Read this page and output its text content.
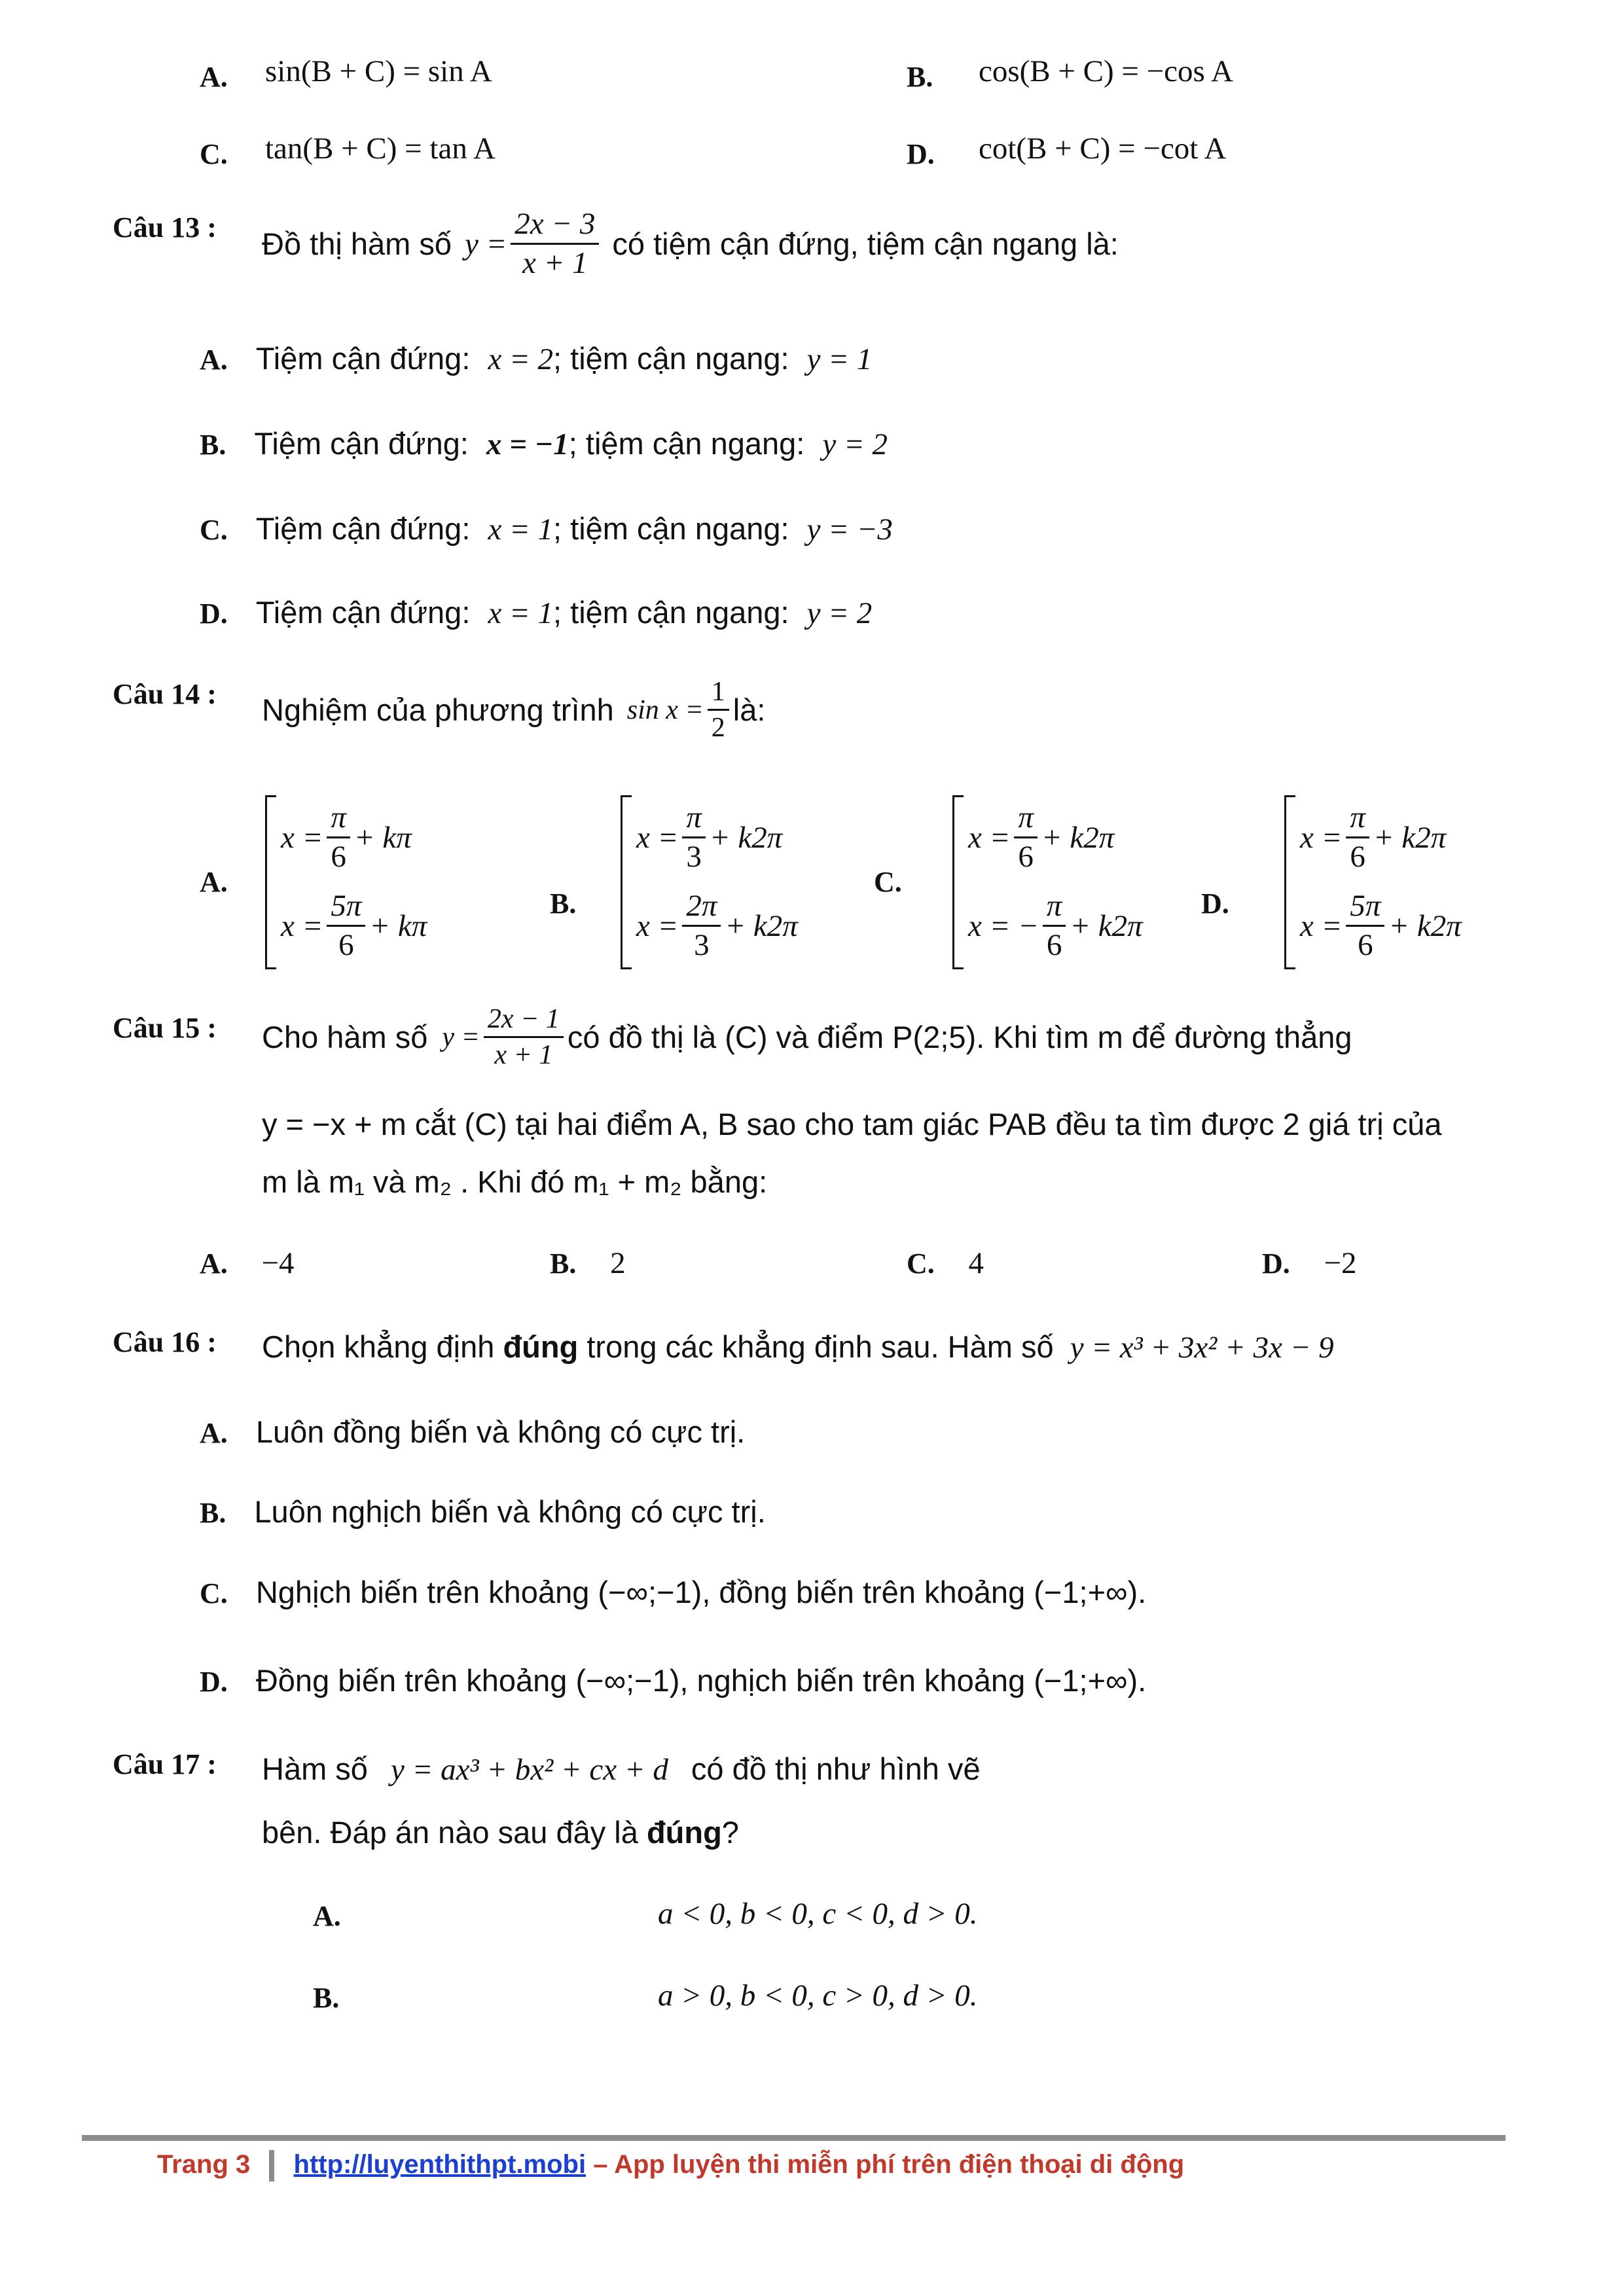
A. sin(B + C) = sin A	B. cos(B + C) = −cos A
C. tan(B + C) = tan A	D. cot(B + C) = −cot A
Câu 13 : Đồ thị hàm số $y = \frac{2x - 3}{x + 1}$ có tiệm cận đứng, tiệm cận ngang là:
A. Tiệm cận đứng: x = 2; tiệm cận ngang: y = 1
B. Tiệm cận đứng: x = −1; tiệm cận ngang: y = 2
C. Tiệm cận đứng: x = 1; tiệm cận ngang: y = −3
D. Tiệm cận đứng: x = 1; tiệm cận ngang: y = 2
Câu 14 : Nghiệm của phương trình $\sin x = \frac{1}{2}$ là:
A.
$x = \frac{\pi}{6} + k\pi$
$x = \frac{5\pi}{6} + k\pi$
B.
$x = \frac{\pi}{3} + k2\pi$
$x = \frac{2\pi}{3} + k2\pi$
C.
$x = \frac{\pi}{6} + k2\pi$
x = − $\frac{\pi}{6} + k2\pi$
D.
$x = \frac{\pi}{6} + k2\pi$
$x = \frac{5\pi}{6} + k2\pi$
Câu 15 : Cho hàm số $y = \frac{2x - 1}{x + 1}$ có đồ thị là (C) và điểm P(2;5). Khi tìm m để đường thẳng
y = −x + m cắt (C) tại hai điểm A, B sao cho tam giác PAB đều ta tìm được 2 giá trị của
m là m₁ và m₂ . Khi đó m₁ + m₂ bằng:
A. −4	B. 2	C. 4	D. −2
Câu 16 : Chọn khẳng định đúng trong các khẳng định sau. Hàm số y = x³ + 3x² + 3x − 9
A. Luôn đồng biến và không có cực trị.
B. Luôn nghịch biến và không có cực trị.
C. Nghịch biến trên khoảng (−∞;−1), đồng biến trên khoảng (−1;+∞).
D. Đồng biến trên khoảng (−∞;−1), nghịch biến trên khoảng (−1;+∞).
Câu 17 : Hàm số y = ax³ + bx² + cx + d có đồ thị như hình vẽ
bên. Đáp án nào sau đây là đúng?
A.	a < 0, b < 0, c < 0, d > 0.
B.	a > 0, b < 0, c > 0, d > 0.
Trang 3 http://luyenthithpt.mobi – App luyện thi miễn phí trên điện thoại di động
